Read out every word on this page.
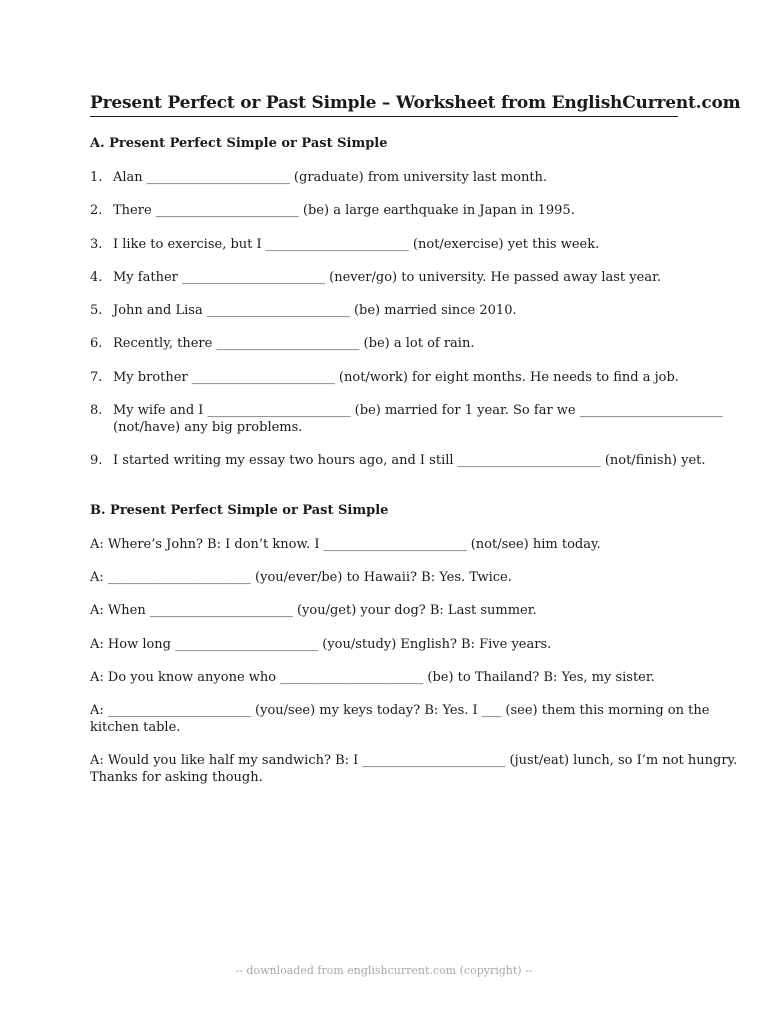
Present Perfect or Past Simple – Worksheet from EnglishCurrent.com
A. Present Perfect Simple or Past Simple
1. Alan ______________________ (graduate) from university last month.
2. There ______________________ (be) a large earthquake in Japan in 1995.
3. I like to exercise, but I ______________________ (not/exercise) yet this week.
4. My father ______________________ (never/go) to university. He passed away last year.
5. John and Lisa ______________________ (be) married since 2010.
6. Recently, there ______________________ (be) a lot of rain.
7. My brother ______________________ (not/work) for eight months. He needs to find a job.
8. My wife and I ______________________ (be) married for 1 year. So far we ______________________
(not/have) any big problems.
9. I started writing my essay two hours ago, and I still ______________________ (not/finish) yet.
B. Present Perfect Simple or Past Simple
A: Where’s John? B: I don’t know. I ______________________ (not/see) him today.
A: ______________________ (you/ever/be) to Hawaii? B: Yes. Twice.
A: When ______________________ (you/get) your dog? B: Last summer.
A: How long ______________________ (you/study) English? B: Five years.
A: Do you know anyone who ______________________ (be) to Thailand? B: Yes, my sister.
A: ______________________ (you/see) my keys today? B: Yes. I ___ (see) them this morning on the
kitchen table.
A: Would you like half my sandwich? B: I ______________________ (just/eat) lunch, so I’m not hungry.
Thanks for asking though.
-- downloaded from englishcurrent.com (copyright) --
